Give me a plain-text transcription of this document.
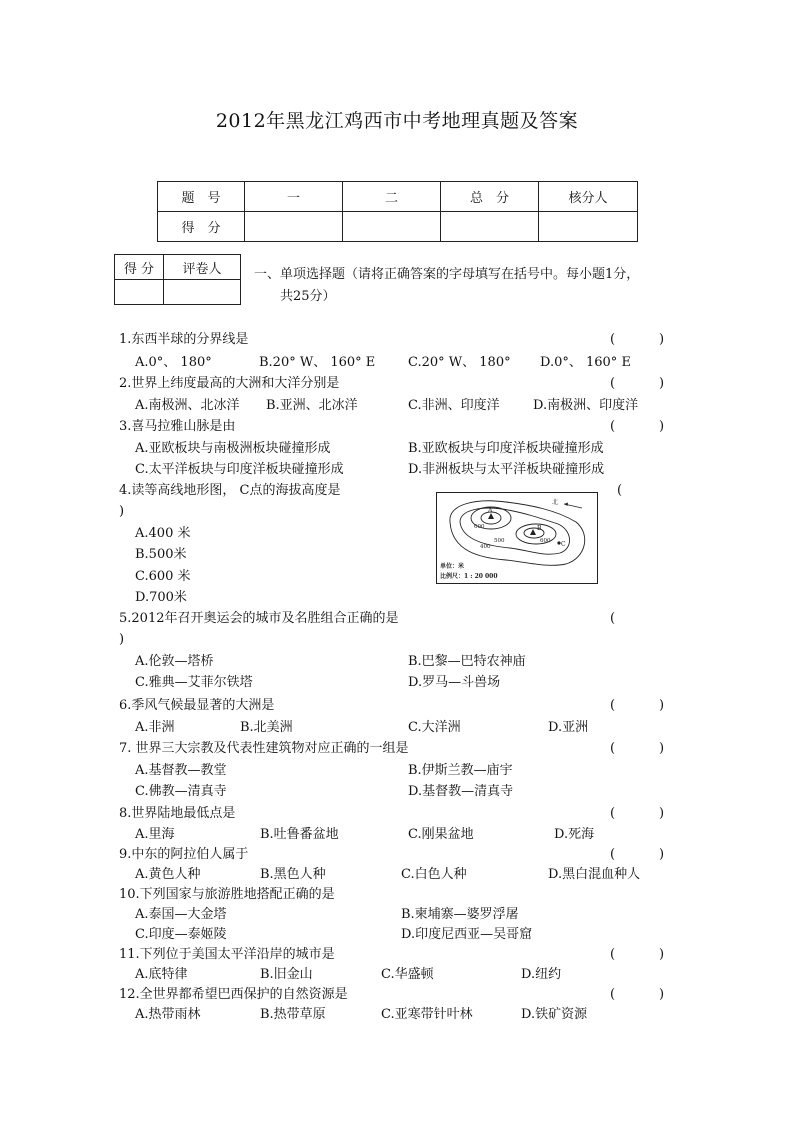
2012年黑龙江鸡西市中考地理真题及答案
题　号	一	二	总　分	核分人
得　分				
得 分	评卷人
		一、单项选择题（请将正确答案的字母填写在括号中。每小题1分，
共25分）
1.东西半球的分界线是	(	)
A.0°、 180°	B.20° W、 160° E	C.20° W、 180° D.0°、 160° E
2.世界上纬度最高的大洲和大洋分别是	(	)
A.南极洲、北冰洋 B.亚洲、北冰洋	C.非洲、印度洋	D.南极洲、印度洋
3.喜马拉雅山脉是由	(	)
A.亚欧板块与南极洲板块碰撞形成	B.亚欧板块与印度洋板块碰撞形成
C.太平洋板块与印度洋板块碰撞形成	D.非洲板块与太平洋板块碰撞形成
4.读等高线地形图， C点的海拔高度是	(
)
A.400 米
B.500米
C.600 米
D.700米
北
A
B
C
600
600
500
400
单位：米
比例尺：1 : 20 000
5.2012年召开奥运会的城市及名胜组合正确的是	(
)
A.伦敦—塔桥	B.巴黎—巴特农神庙
C.雅典—艾菲尔铁塔	D.罗马—斗兽场
6.季风气候最显著的大洲是	(	)
A.非洲	B.北美洲	C.大洋洲	D.亚洲
7. 世界三大宗教及代表性建筑物对应正确的一组是	(	)
A.基督教—教堂	B.伊斯兰教—庙宇
C.佛教—清真寺	D.基督教—清真寺
8.世界陆地最低点是	(	)
A.里海	B.吐鲁番盆地	C.刚果盆地	D.死海
9.中东的阿拉伯人属于	(	)
A.黄色人种	B.黑色人种	C.白色人种	D.黑白混血种人
10.下列国家与旅游胜地搭配正确的是
A.泰国—大金塔	B.柬埔寨—婆罗浮屠
C.印度—泰姬陵	D.印度尼西亚—吴哥窟
11.下列位于美国太平洋沿岸的城市是	(	)
A.底特律	B.旧金山	C.华盛顿	D.纽约
12.全世界都希望巴西保护的自然资源是	(	)
A.热带雨林	B.热带草原	C.亚寒带针叶林	D.铁矿资源
